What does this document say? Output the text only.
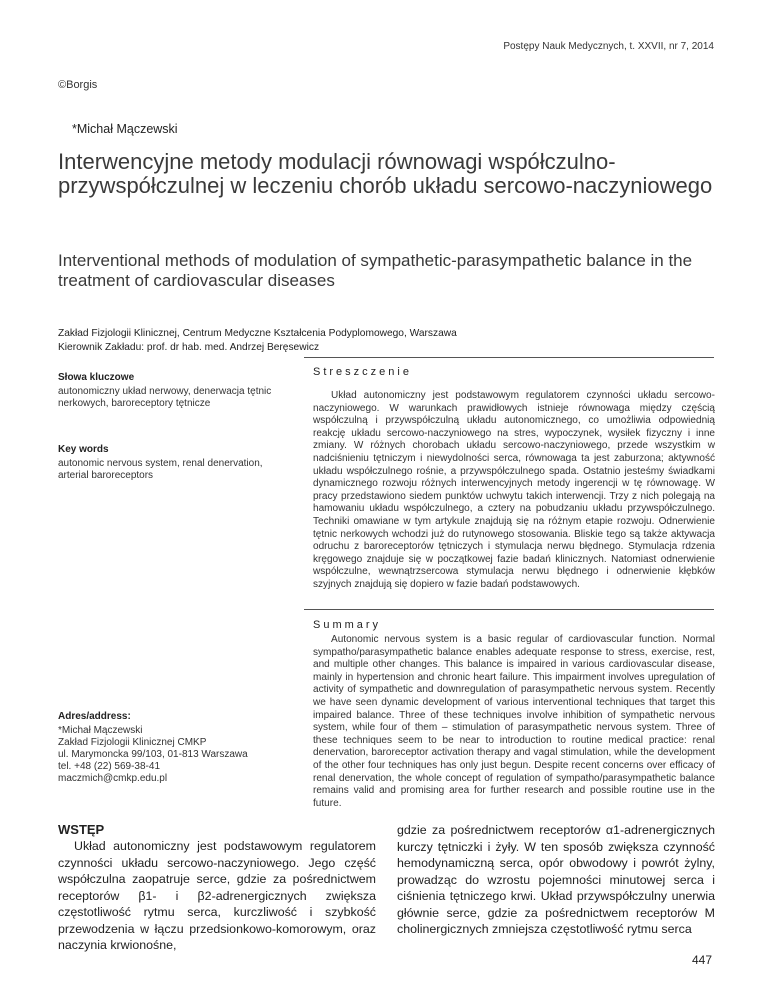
Postępy Nauk Medycznych, t. XXVII, nr 7, 2014
©Borgis
*Michał Mączewski
Interwencyjne metody modulacji równowagi współczulno-przywspółczulnej w leczeniu chorób układu sercowo-naczyniowego
Interventional methods of modulation of sympathetic-parasympathetic balance in the treatment of cardiovascular diseases
Zakład Fizjologii Klinicznej, Centrum Medyczne Kształcenia Podyplomowego, Warszawa
Kierownik Zakładu: prof. dr hab. med. Andrzej Beręsewicz
Słowa kluczowe
autonomiczny układ nerwowy, denerwacja tętnic nerkowych, baroreceptory tętnicze
Key words
autonomic nervous system, renal denervation, arterial baroreceptors
Adres/address:
*Michał Mączewski
Zakład Fizjologii Klinicznej CMKP
ul. Marymoncka 99/103, 01-813 Warszawa
tel. +48 (22) 569-38-41
maczmich@cmkp.edu.pl
Streszczenie

Układ autonomiczny jest podstawowym regulatorem czynności układu sercowo-naczyniowego. W warunkach prawidłowych istnieje równowaga między częścią współczulną i przywspółczulną układu autonomicznego, co umożliwia odpowiednią reakcję układu sercowo-naczyniowego na stres, wypoczynek, wysiłek fizyczny i inne zmiany. W różnych chorobach układu sercowo-naczyniowego, przede wszystkim w nadciśnieniu tętniczym i niewydolności serca, równowaga ta jest zaburzona; aktywność układu współczulnego rośnie, a przywspółczulnego spada. Ostatnio jesteśmy świadkami dynamicznego rozwoju różnych interwencyjnych metody ingerencji w tę równowagę. W pracy przedstawiono siedem punktów uchwytu takich interwencji. Trzy z nich polegają na hamowaniu układu współczulnego, a cztery na pobudzaniu układu przywspółczulnego. Techniki omawiane w tym artykule znajdują się na różnym etapie rozwoju. Odnerwienie tętnic nerkowych wchodzi już do rutynowego stosowania. Bliskie tego są także aktywacja odruchu z baroreceptorów tętniczych i stymulacja nerwu błędnego. Stymulacja rdzenia kręgowego znajduje się w początkowej fazie badań klinicznych. Natomiast odnerwienie współczulne, wewnątrzsercowa stymulacja nerwu błędnego i odnerwienie kłębków szyjnych znajdują się dopiero w fazie badań podstawowych.

Summary

Autonomic nervous system is a basic regular of cardiovascular function. Normal sympatho/parasympathetic balance enables adequate response to stress, exercise, rest, and multiple other changes. This balance is impaired in various cardiovascular disease, mainly in hypertension and chronic heart failure. This impairment involves upregulation of activity of sympathetic and downregulation of parasympathetic nervous system. Recently we have seen dynamic development of various interventional techniques that target this impaired balance. Three of these techniques involve inhibition of sympathetic nervous system, while four of them – stimulation of parasympathetic nervous system. Three of these techniques seem to be near to introduction to routine medical practice: renal denervation, baroreceptor activation therapy and vagal stimulation, while the development of the other four techniques has only just begun. Despite recent concerns over efficacy of renal denervation, the whole concept of regulation of sympatho/parasympathetic balance remains valid and promising area for further research and possible routine use in the future.

WSTĘP

Układ autonomiczny jest podstawowym regulatorem czynności układu sercowo-naczyniowego. Jego część współczulna zaopatruje serce, gdzie za pośrednictwem receptorów β1- i β2-adrenergicznych zwiększa częstotliwość rytmu serca, kurczliwość i szybkość przewodzenia w łączu przedsionkowo-komorowym, oraz naczynia krwionośne,

gdzie za pośrednictwem receptorów α1-adrenergicznych kurczy tętniczki i żyły. W ten sposób zwiększa czynność hemodynamiczną serca, opór obwodowy i powrót żylny, prowadząc do wzrostu pojemności minutowej serca i ciśnienia tętniczego krwi. Układ przywspółczulny unerwia głównie serce, gdzie za pośrednictwem receptorów M cholinergicznych zmniejsza częstotliwość rytmu serca

447
